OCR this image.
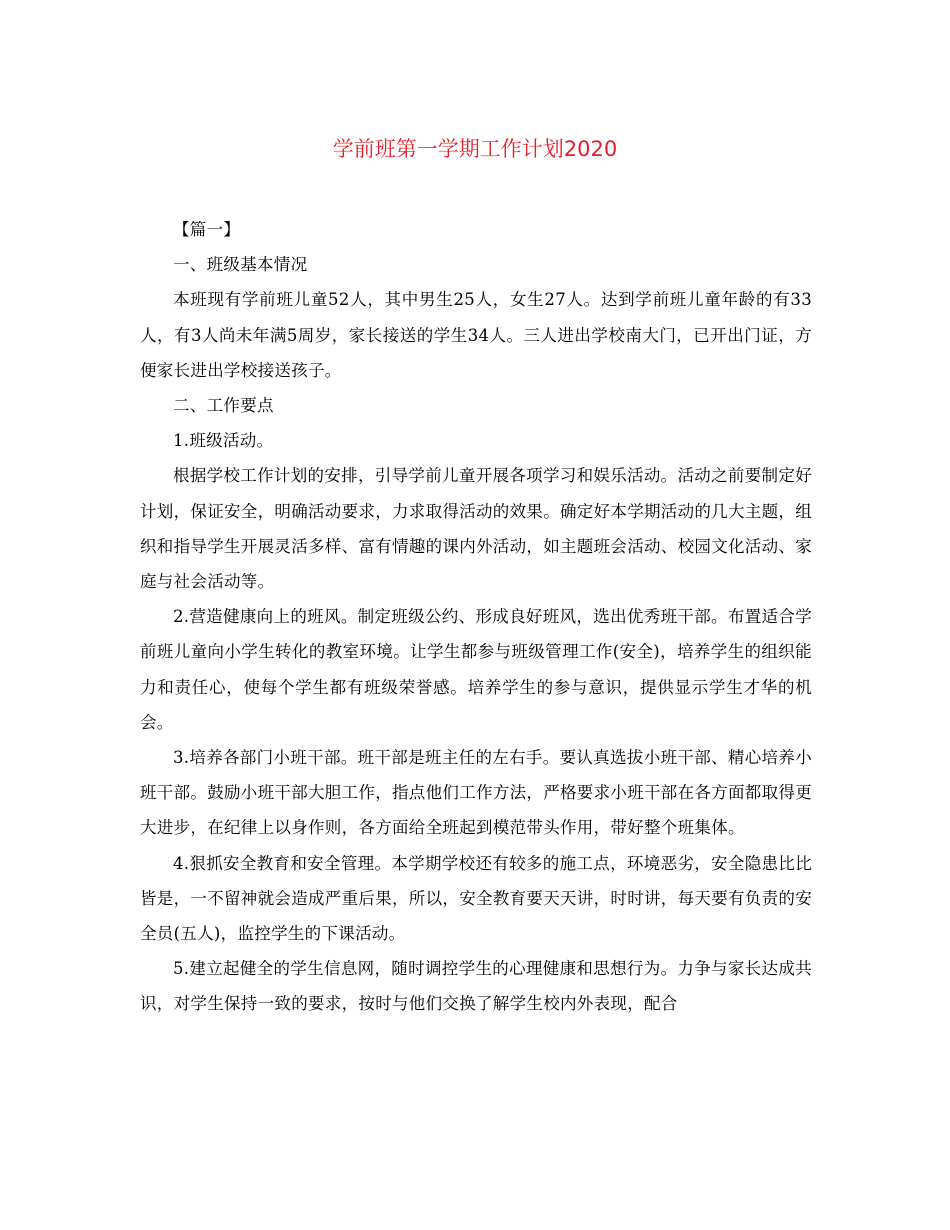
学前班第一学期工作计划2020

【篇一】

一、班级基本情况

本班现有学前班儿童52人，其中男生25人，女生27人。达到学前班儿童年龄的有33人，有3人尚未年满5周岁，家长接送的学生34人。三人进出学校南大门，已开出门证，方便家长进出学校接送孩子。

二、工作要点

1.班级活动。

根据学校工作计划的安排，引导学前儿童开展各项学习和娱乐活动。活动之前要制定好计划，保证安全，明确活动要求，力求取得活动的效果。确定好本学期活动的几大主题，组织和指导学生开展灵活多样、富有情趣的课内外活动，如主题班会活动、校园文化活动、家庭与社会活动等。

2.营造健康向上的班风。制定班级公约、形成良好班风，选出优秀班干部。布置适合学前班儿童向小学生转化的教室环境。让学生都参与班级管理工作(安全)，培养学生的组织能力和责任心，使每个学生都有班级荣誉感。培养学生的参与意识，提供显示学生才华的机会。

3.培养各部门小班干部。班干部是班主任的左右手。要认真选拔小班干部、精心培养小班干部。鼓励小班干部大胆工作，指点他们工作方法，严格要求小班干部在各方面都取得更大进步，在纪律上以身作则，各方面给全班起到模范带头作用，带好整个班集体。

4.狠抓安全教育和安全管理。本学期学校还有较多的施工点，环境恶劣，安全隐患比比皆是，一不留神就会造成严重后果，所以，安全教育要天天讲，时时讲，每天要有负责的安全员(五人)，监控学生的下课活动。

5.建立起健全的学生信息网，随时调控学生的心理健康和思想行为。力争与家长达成共识，对学生保持一致的要求，按时与他们交换了解学生校内外表现，配合
